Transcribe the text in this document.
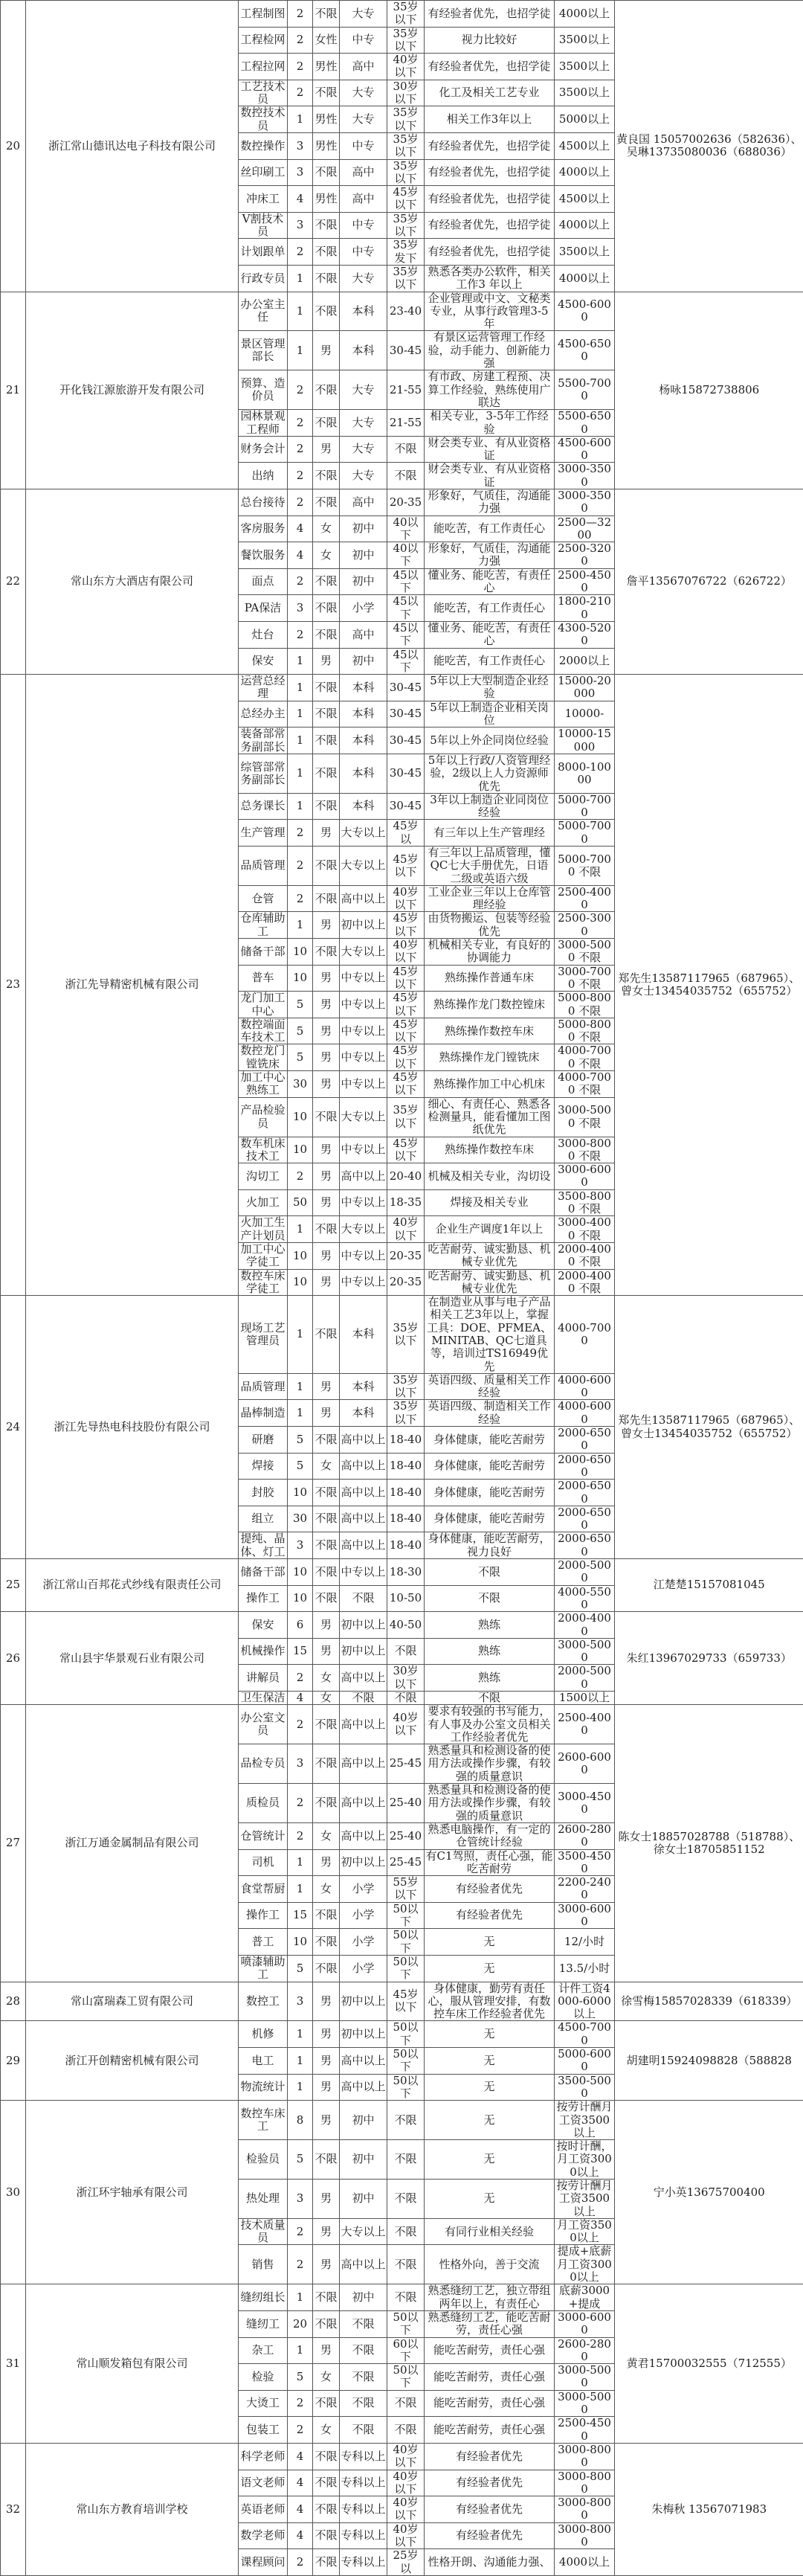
20	浙江常山德讯达电子科技有限公司	工程制图	2	不限	大专	35岁以下	有经验者优先，也招学徒	4000以上	黄良国 15057002636（582636）、吴琳13735080036（688036）
		工程检网	2	女性	中专	35岁以下	视力比较好	3500以上	
		工程拉网	2	男性	高中	40岁以下	有经验者优先，也招学徒	3500以上	
		工艺技术员	2	不限	大专	30岁以下	化工及相关工艺专业	3500以上	
		数控技术员	1	男性	大专	35岁以下	相关工作3年以上	5000以上	
		数控操作	3	男性	中专	35岁以下	有经验者优先，也招学徒	4500以上	
		丝印刷工	3	不限	高中	35岁以下	有经验者优先，也招学徒	4000以上	
		冲床工	4	男性	高中	45岁以下	有经验者优先，也招学徒	4500以上	
		V割技术员	3	不限	中专	35岁以下	有经验者优先，也招学徒	4000以上	
		计划跟单	2	不限	中专	35岁发下	有经验者优先，也招学徒	3500以上	
		行政专员	1	不限	大专	35岁以下	熟悉各类办公软件，相关工作3 年以上	4000以上	
21	开化钱江源旅游开发有限公司	办公室主任	1	不限	本科	23-40	企业管理或中文、文秘类专业，从事行政管理3-5年	4500-6000	杨咏15872738806
		景区管理部长	1	男	本科	30-45	有景区运营管理工作经验，动手能力、创新能力强	4500-6500	
		预算、造价员	2	不限	大专	21-55	有市政、房建工程预、决算工作经验，熟练使用广联达	5500-7000	
		园林景观工程师	2	不限	大专	21-55	相关专业，3-5年工作经验	5500-6500	
		财务会计	2	男	大专	不限	财会类专业、有从业资格证	4500-6000	
		出纳	2	不限	大专	不限	财会类专业、有从业资格证	3000-3500	
22	常山东方大酒店有限公司	总台接待	2	不限	高中	20-35	形象好，气质佳，沟通能力强	3000-3500	詹平13567076722（626722）
		客房服务	4	女	初中	40以下	能吃苦，有工作责任心	2500—3200	
		餐饮服务	4	女	初中	40以下	形象好，气质佳，沟通能力强	2500-3200	
		面点	2	不限	初中	45以下	懂业务、能吃苦，有责任心	2500-4500	
		PA保洁	3	不限	小学	45以下	能吃苦，有工作责任心	1800-2100	
		灶台	2	不限	高中	45以下	懂业务、能吃苦，有责任心	4300-5200	
		保安	1	男	初中	45以下	能吃苦，有工作责任心	2000以上	
23	浙江先导精密机械有限公司	运营总经理	1	不限	本科	30-45	5年以上大型制造企业经验	15000-20000	郑先生13587117965（687965）、曾女士13454035752（655752）
		总经办主	1	不限	本科	30-45	5年以上制造企业相关岗位	10000-	
		装备部常务副部长	1	不限	本科	30-45	5年以上外企同岗位经验	10000-15000	
		综管部常务副部长	1	不限	本科	30-45	5年以上行政/人资管理经验，2级以上人力资源师优先	8000-10000	
		总务课长	1	不限	本科	30-45	3年以上制造企业同岗位经验	5000-7000	
		生产管理	2	男	大专以上	45岁以	有三年以上生产管理经	5000-7000	
		品质管理	2	不限	大专以上	45岁以下	有三年以上品质管理，懂QC七大手册优先，日语二级或英语六级	5000-7000 不限	
		仓管	2	不限	高中以上	40岁以下	工业企业三年以上仓库管理经验	2500-4000	
		仓库辅助工	1	男	初中以上	45岁以下	由货物搬运、包装等经验优先	2500-3000	
		储备干部	10	不限	大专以上	40岁以下	机械相关专业，有良好的协调能力	3000-5000 不限	
		普车	10	男	中专以上	45岁以下	熟练操作普通车床	3000-7000 不限	
		龙门加工中心	5	男	中专以上	45岁以下	熟练操作龙门数控镗床	5000-8000 不限	
		数控端面车技术工	5	男	中专以上	45岁以下	熟练操作数控车床	5000-8000 不限	
		数控龙门镗铣床	5	男	中专以上	45岁以下	熟练操作龙门镗铣床	4000-7000 不限	
		加工中心熟练工	30	男	中专以上	45岁以下	熟练操作加工中心机床	4000-7000 不限	
		产品检验员	10	不限	大专以上	35岁以下	细心、有责任心、熟悉各检测量具，能看懂加工图纸优先	3000-5000 不限	
		数车机床技术工	10	男	中专以上	45岁以下	熟练操作数控车床	3000-8000 不限	
		沟切工	2	男	高中以上	20-40	机械及相关专业，沟切设	3000-6000	
		火加工	50	男	中专以上	18-35	焊接及相关专业	3500-8000 不限	
		火加工生产计划员	1	不限	大专以上	40岁以下	企业生产调度1年以上	3000-4000 不限	
		加工中心学徒工	10	男	中专以上	20-35	吃苦耐劳、诚实勤恳、机械专业优先	2000-4000 不限	
		数控车床学徒工	10	男	中专以上	20-35	吃苦耐劳、诚实勤恳、机械专业优先	2000-4000 不限	
24	浙江先导热电科技股份有限公司	现场工艺管理员	1	不限	本科	35岁以下	在制造业从事与电子产品相关工艺3年以上，掌握工具：DOE、PFMEA、MINITAB、QC七道具等，培训过TS16949优先	4000-7000	郑先生13587117965（687965）、曾女士13454035752（655752）
		品质管理	1	男	本科	35岁以下	英语四级、质量相关工作经验	4000-6000	
		晶棒制造	1	男	本科	35岁以下	英语四级、制造相关工作经验	4000-6000	
		研磨	5	不限	高中以上	18-40	身体健康，能吃苦耐劳	2000-6500	
		焊接	5	女	高中以上	18-40	身体健康，能吃苦耐劳	2000-6500	
		封胶	10	不限	高中以上	18-40	身体健康，能吃苦耐劳	2000-6500	
		组立	30	不限	高中以上	18-40	身体健康，能吃苦耐劳	2000-6500	
		提纯、晶体、灯工	3	不限	高中以上	18-40	身体健康，能吃苦耐劳，视力良好	2000-6500	
25	浙江常山百邦花式纱线有限责任公司	储备干部	10	不限	中专以上	18-30	不限	2000-5000	江楚楚15157081045
		操作工	10	不限	不限	10-50	不限	4000-5500	
26	常山县宇华景观石业有限公司	保安	6	男	初中以上	40-50	熟练	2000-4000	朱红13967029733（659733）
		机械操作	15	男	初中以上	不限	熟练	3000-5000	
		讲解员	2	女	高中以上	30岁以下	熟练	2000-5000	
		卫生保洁	4	女	不限	不限	不限	1500以上	
27	浙江万通金属制品有限公司	办公室文员	2	不限	高中以上	40岁以下	要求有较强的书写能力，有人事及办公室文员相关工作经验者优先	2500-4000	陈女士18857028788（518788）、徐女士18705851152
		品检专员	3	不限	高中以上	25-45	熟悉量具和检测设备的使用方法或操作步骤，有较强的质量意识	2600-6000	
		质检员	2	不限	高中以上	25-40	熟悉量具和检测设备的使用方法或操作步骤，有较强的质量意识	3000-4500	
		仓管统计	2	女	高中以上	25-40	熟悉电脑操作，有一定的仓管统计经验	2600-2800	
		司机	1	男	初中以上	25-45	有C1驾照，责任心强，能吃苦耐劳	3500-4500	
		食堂帮厨	1	女	小学	55岁以下	有经验者优先	2200-2400	
		操作工	15	不限	小学	50以下	有经验者优先	3000-6000	
		普工	10	不限	小学	50以下	无	12/小时	
		喷漆辅助工	5	不限	小学	50以下	无	13.5/小时	
28	常山富瑞森工贸有限公司	数控工	3	男	初中以上	45岁以下	身体健康，勤劳有责任心，服从管理安排，有数控车床工作经验者优先	计件工资4000-6000以上	徐雪梅15857028339（618339）
29	浙江开创精密机械有限公司	机修	1	男	初中以上	50以下	无	4500-7000	胡建明15924098828（588828
		电工	1	男	高中以上	50以下	无	5000-6000	
		物流统计	1	男	高中以上	50以下	无	3500-5000	
30	浙江环宇轴承有限公司	数控车床工	8	男	初中	不限	无	按劳计酬月工资3500以上	宁小英13675700400
		检验员	5	不限	初中	不限	无	按时计酬，月工资3000以上	
		热处理	3	男	初中	不限	无	按劳计酬月工资3500以上	
		技术质量员	2	男	大专以上	不限	有同行业相关经验	月工资3500以上	
		销售	2	男	高中以上	不限	性格外向，善于交流	提成+底薪月工资3000以上	
31	常山顺发箱包有限公司	缝纫组长	1	不限	初中	不限	熟悉缝纫工艺，独立带组两年以上，有责任心	底薪3000+提成	黄君15700032555（712555）
		缝纫工	20	不限	不限	50以下	熟悉缝纫工艺，能吃苦耐劳，责任心强	3000-6000	
		杂工	1	男	不限	60以下	能吃苦耐劳，责任心强	2600-2800	
		检验	5	女	不限	50以下	能吃苦耐劳，责任心强	3000-5000	
		大烫工	2	不限	不限	不限	能吃苦耐劳，责任心强	3000-5000	
		包装工	2	女	不限	不限	能吃苦耐劳，责任心强	2500-4500	
32	常山东方教育培训学校	科学老师	4	不限	专科以上	40岁以下	有经验者优先	3000-8000	朱梅秋 13567071983
		语文老师	4	不限	专科以上	40岁以下	有经验者优先	3000-8000	
		英语老师	4	不限	专科以上	40岁以下	有经验者优先	3000-8000	
		数学老师	4	不限	专科以上	40岁以下	有经验者优先	3000-8000	
		课程顾问	2	不限	专科以上	25岁以	性格开朗、沟通能力强、	4000以上	
